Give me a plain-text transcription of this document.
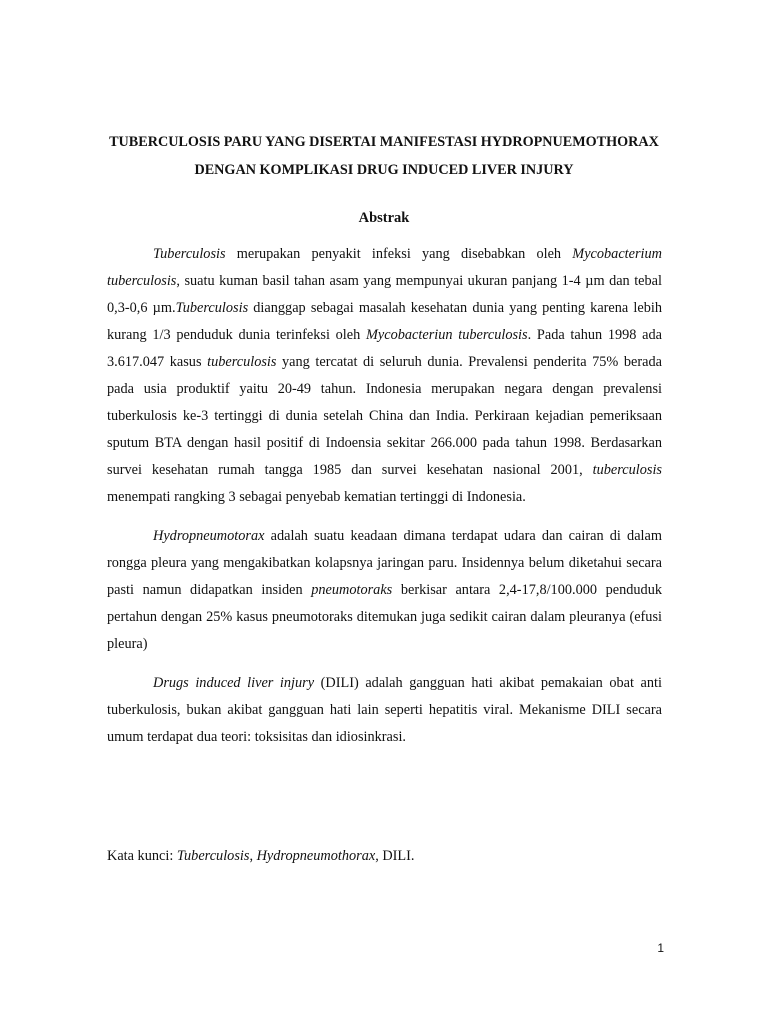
TUBERCULOSIS PARU YANG DISERTAI MANIFESTASI HYDROPNUEMOTHORAX
DENGAN KOMPLIKASI DRUG INDUCED LIVER INJURY
Abstrak

Tuberculosis merupakan penyakit infeksi yang disebabkan oleh Mycobacterium tuberculosis, suatu kuman basil tahan asam yang mempunyai ukuran panjang 1-4 µm dan tebal 0,3-0,6 µm.Tuberculosis dianggap sebagai masalah kesehatan dunia yang penting karena lebih kurang 1/3 penduduk dunia terinfeksi oleh Mycobacteriun tuberculosis. Pada tahun 1998 ada 3.617.047 kasus tuberculosis yang tercatat di seluruh dunia. Prevalensi penderita 75% berada pada usia produktif yaitu 20-49 tahun. Indonesia merupakan negara dengan prevalensi tuberkulosis ke-3 tertinggi di dunia setelah China dan India. Perkiraan kejadian pemeriksaan sputum BTA dengan hasil positif di Indoensia sekitar 266.000 pada tahun 1998. Berdasarkan survei kesehatan rumah tangga 1985 dan survei kesehatan nasional 2001, tuberculosis menempati rangking 3 sebagai penyebab kematian tertinggi di Indonesia.

Hydropneumotorax adalah suatu keadaan dimana terdapat udara dan cairan di dalam rongga pleura yang mengakibatkan kolapsnya jaringan paru. Insidennya belum diketahui secara pasti namun didapatkan insiden pneumotoraks berkisar antara 2,4-17,8/100.000 penduduk pertahun dengan 25% kasus pneumotoraks ditemukan juga sedikit cairan dalam pleuranya (efusi pleura)

Drugs induced liver injury (DILI) adalah gangguan hati akibat pemakaian obat anti tuberkulosis, bukan akibat gangguan hati lain seperti hepatitis viral. Mekanisme DILI secara umum terdapat dua teori: toksisitas dan idiosinkrasi.

Kata kunci: Tuberculosis, Hydropneumothorax, DILI.
1
